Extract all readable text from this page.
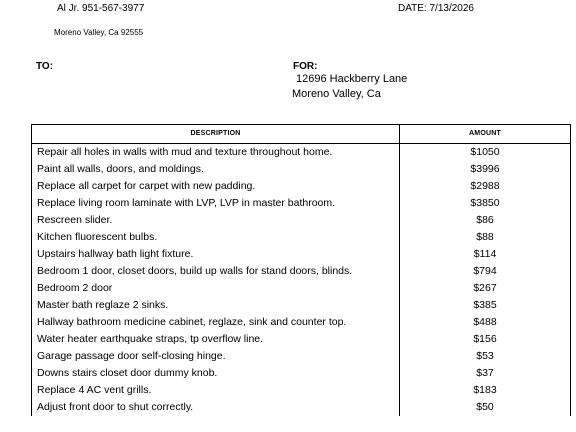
Al Jr. 951-567-3977	DATE: 7/13/2026
Moreno Valley, Ca 92555
TO:	FOR:
12696 Hackberry Lane
Moreno Valley, Ca
DESCRIPTION	AMOUNT
Repair all holes in walls with mud and texture throughout home.	$1050
Paint all walls, doors, and moldings.	$3996
Replace all carpet for carpet with new padding.	$2988
Replace living room laminate with LVP, LVP in master bathroom.	$3850
Rescreen slider.	$86
Kitchen fluorescent bulbs.	$88
Upstairs hallway bath light fixture.	$114
Bedroom 1 door, closet doors, build up walls for stand doors, blinds.	$794
Bedroom 2 door	$267
Master bath reglaze 2 sinks.	$385
Hallway bathroom medicine cabinet, reglaze, sink and counter top.	$488
Water heater earthquake straps, tp overflow line.	$156
Garage passage door self-closing hinge.	$53
Downs stairs closet door dummy knob.	$37
Replace 4 AC vent grills.	$183
Adjust front door to shut correctly.	$50
